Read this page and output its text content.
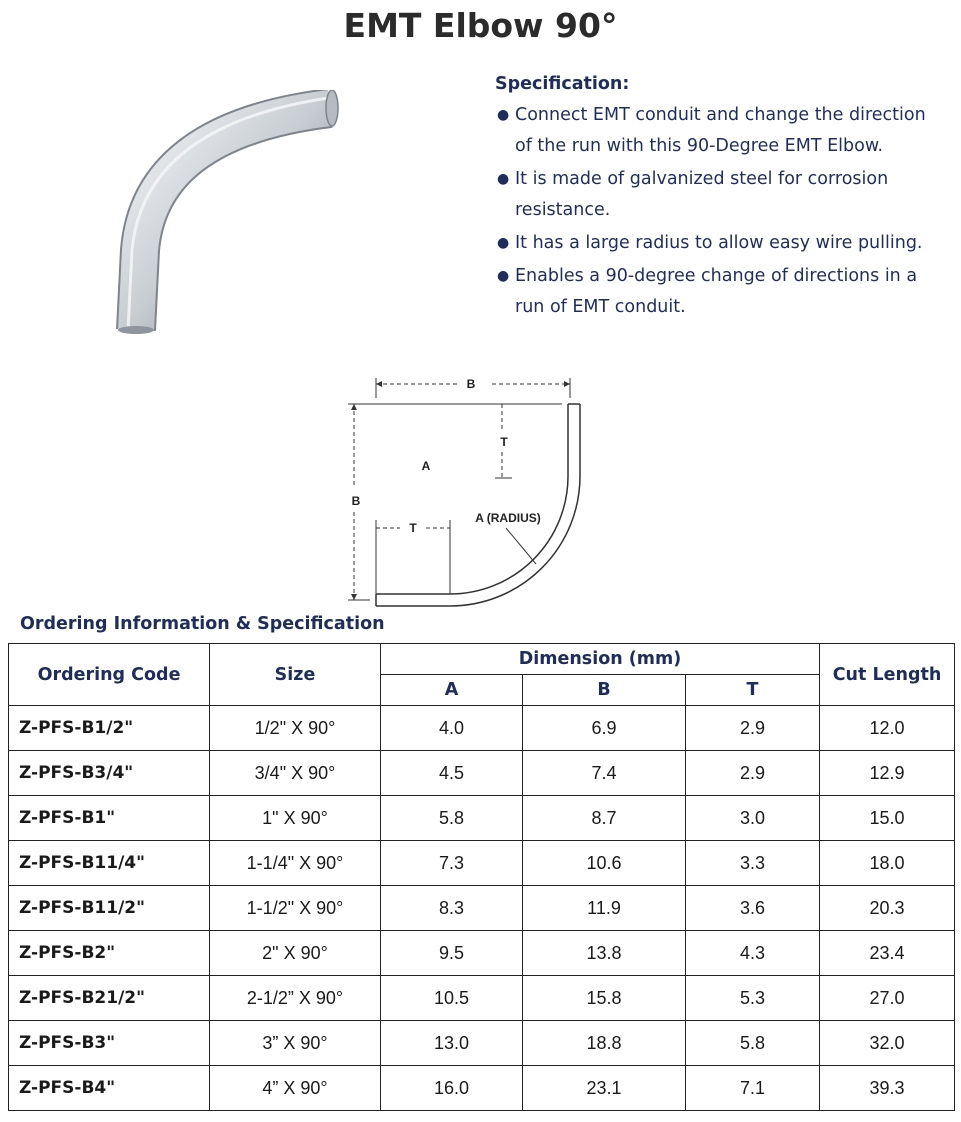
EMT Elbow 90°
Specification:
● Connect EMT conduit and change the direction of the run with this 90-Degree EMT Elbow.
● It is made of galvanized steel for corrosion resistance.
● It has a large radius to allow easy wire pulling.
● Enables a 90-degree change of directions in a run of EMT conduit.
B
B
T
T
A
A (RADIUS)
Ordering Information & Specification
Ordering Code	Size	Dimension (mm)			Cut Length
		A	B	T	
Z-PFS-B1/2"	1/2" X 90°	4.0	6.9	2.9	12.0
Z-PFS-B3/4"	3/4" X 90°	4.5	7.4	2.9	12.9
Z-PFS-B1"	1" X 90°	5.8	8.7	3.0	15.0
Z-PFS-B11/4"	1-1/4" X 90°	7.3	10.6	3.3	18.0
Z-PFS-B11/2"	1-1/2" X 90°	8.3	11.9	3.6	20.3
Z-PFS-B2"	2" X 90°	9.5	13.8	4.3	23.4
Z-PFS-B21/2"	2-1/2” X 90°	10.5	15.8	5.3	27.0
Z-PFS-B3"	3” X 90°	13.0	18.8	5.8	32.0
Z-PFS-B4"	4” X 90°	16.0	23.1	7.1	39.3
